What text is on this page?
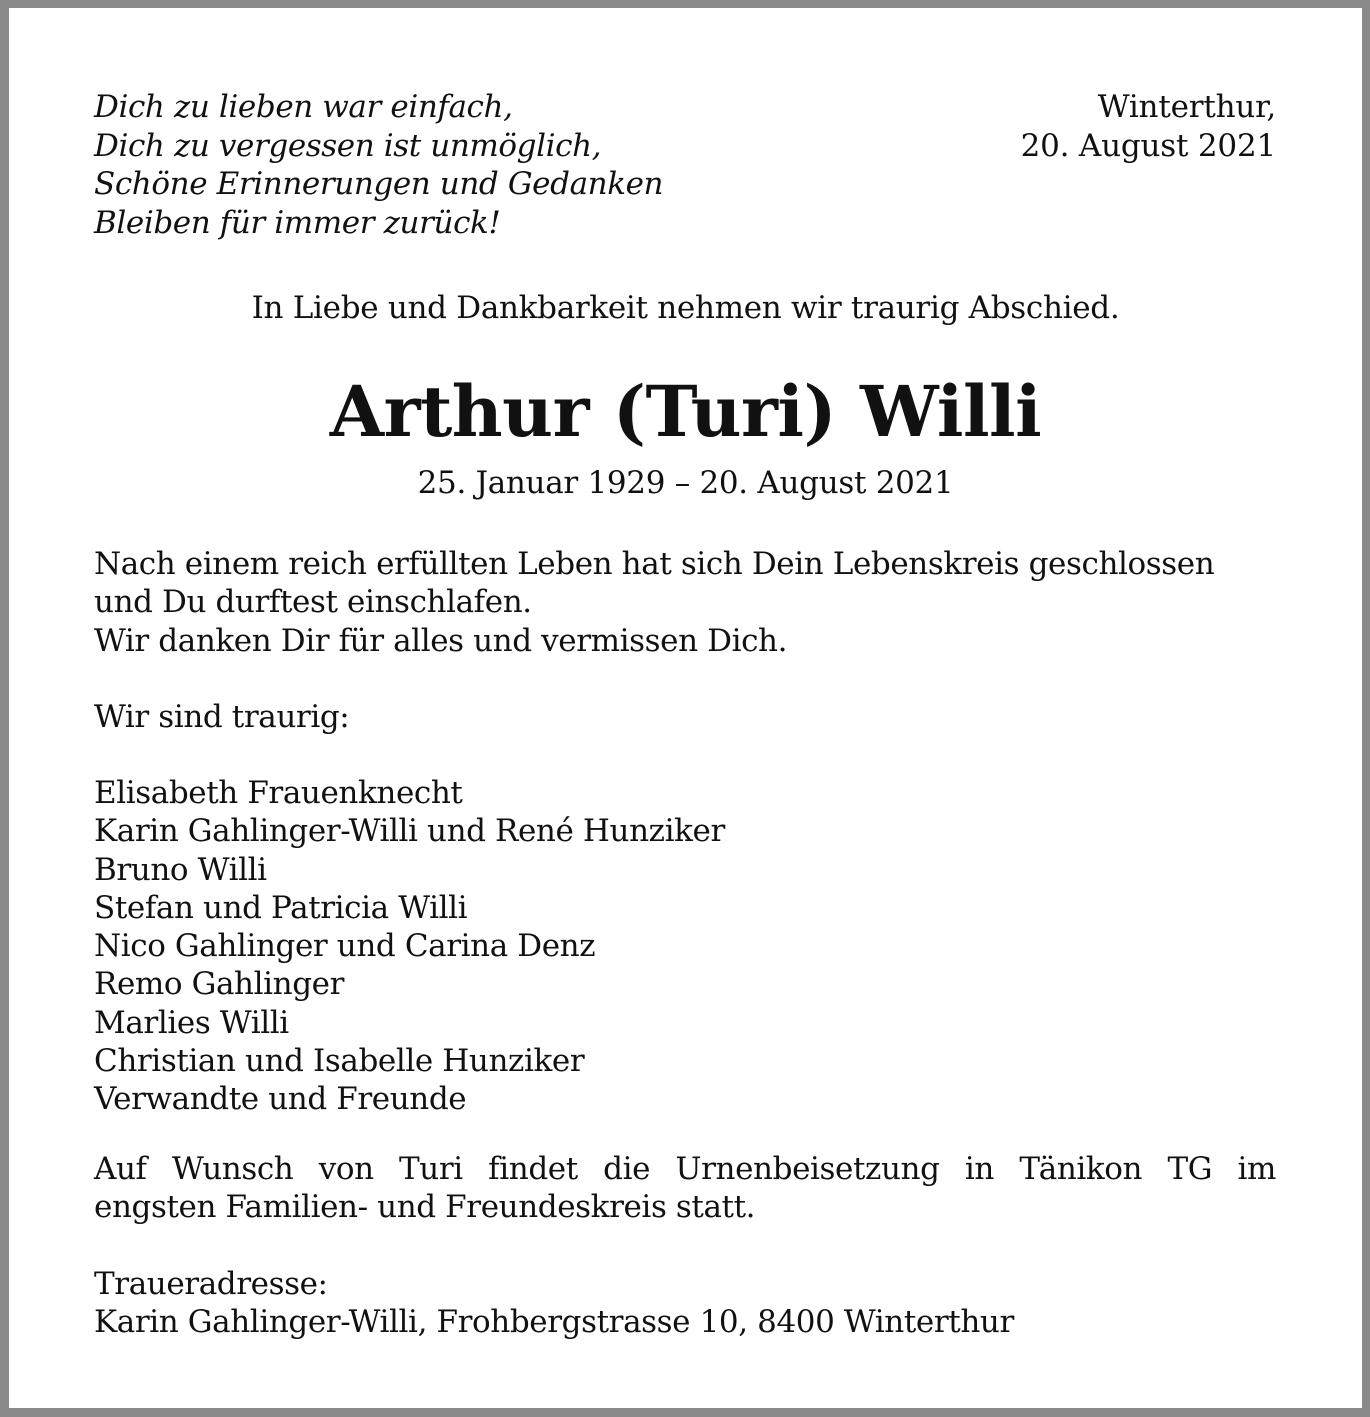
Dich zu lieben war einfach,
Dich zu vergessen ist unmöglich,
Schöne Erinnerungen und Gedanken
Bleiben für immer zurück!
Winterthur,
20. August 2021
In Liebe und Dankbarkeit nehmen wir traurig Abschied.
Arthur (Turi) Willi
25. Januar 1929 – 20. August 2021
Nach einem reich erfüllten Leben hat sich Dein Lebenskreis geschlossen
und Du durftest einschlafen.
Wir danken Dir für alles und vermissen Dich.
Wir sind traurig:
Elisabeth Frauenknecht
Karin Gahlinger-Willi und René Hunziker
Bruno Willi
Stefan und Patricia Willi
Nico Gahlinger und Carina Denz
Remo Gahlinger
Marlies Willi
Christian und Isabelle Hunziker
Verwandte und Freunde
Auf Wunsch von Turi findet die Urnenbeisetzung in Tänikon TG im
engsten Familien- und Freundeskreis statt.
Traueradresse:
Karin Gahlinger-Willi, Frohbergstrasse 10, 8400 Winterthur
